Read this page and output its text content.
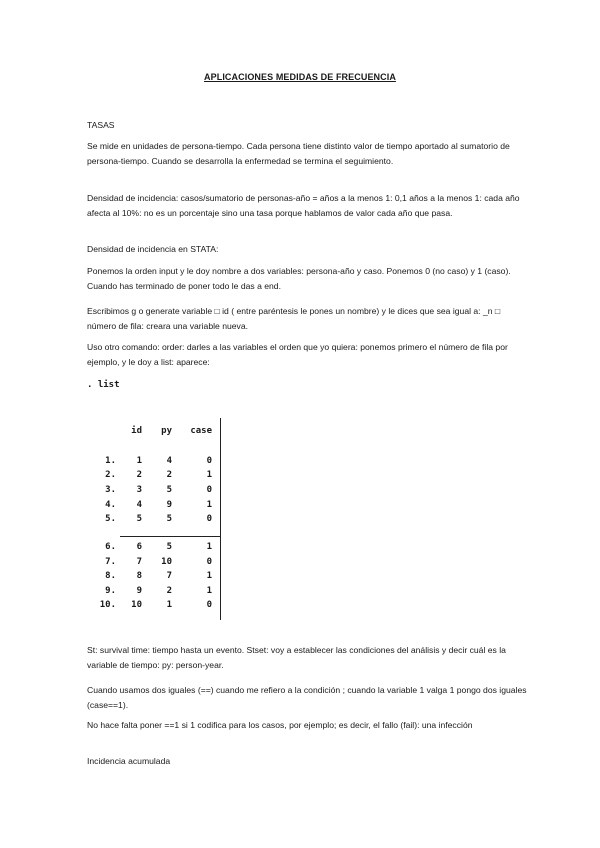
APLICACIONES MEDIDAS DE FRECUENCIA
TASAS
Se mide en unidades de persona-tiempo. Cada persona tiene distinto valor de tiempo aportado al sumatorio de persona-tiempo. Cuando se desarrolla la enfermedad se termina el seguimiento.
Densidad de incidencia: casos/sumatorio de personas-año = años a la menos 1: 0,1 años a la menos 1: cada año afecta al 10%: no es un porcentaje sino una tasa porque hablamos de valor cada año que pasa.
Densidad de incidencia en STATA:
Ponemos la orden input y le doy nombre a dos variables: persona-año y caso. Ponemos 0 (no caso) y 1 (caso). Cuando has terminado de poner todo le das a end.
Escribimos g o generate variable □ id ( entre paréntesis le pones un nombre) y le dices que sea igual a: _n □ número de fila: creara una variable nueva.
Uso otro comando: order: darles a las variables el orden que yo quiera: ponemos primero el número de fila por ejemplo, y le doy a list: aparece:
. list
id	py	case
1.	1	4	0
2.	2	2	1
3.	3	5	0
4.	4	9	1
5.	5	5	0
6.	6	5	1
7.	7	10	0
8.	8	7	1
9.	9	2	1
10.	10	1	0
St: survival time: tiempo hasta un evento. Stset: voy a establecer las condiciones del análisis y decir cuál es la variable de tiempo: py: person-year.
Cuando usamos dos iguales (==) cuando me refiero a la condición ; cuando la variable 1 valga 1 pongo dos iguales (case==1).
No hace falta poner ==1 si 1 codifica para los casos, por ejemplo; es decir, el fallo (fail): una infección
Incidencia acumulada
